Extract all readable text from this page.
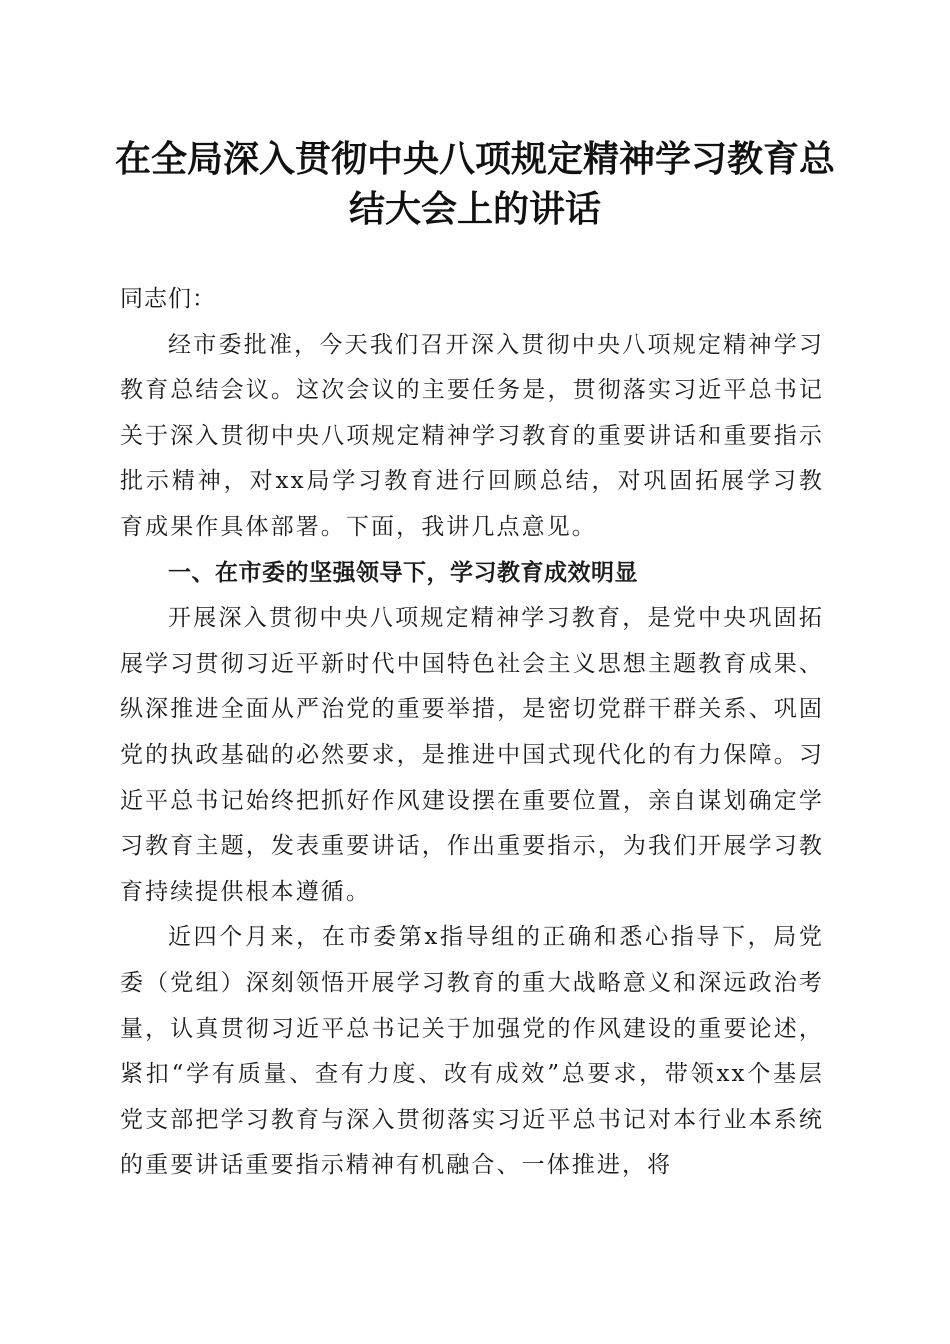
在全局深入贯彻中央八项规定精神学习教育总结大会上的讲话

同志们：

经市委批准，今天我们召开深入贯彻中央八项规定精神学习教育总结会议。这次会议的主要任务是，贯彻落实习近平总书记关于深入贯彻中央八项规定精神学习教育的重要讲话和重要指示批示精神，对xx局学习教育进行回顾总结，对巩固拓展学习教育成果作具体部署。下面，我讲几点意见。

一、在市委的坚强领导下，学习教育成效明显

开展深入贯彻中央八项规定精神学习教育，是党中央巩固拓展学习贯彻习近平新时代中国特色社会主义思想主题教育成果、纵深推进全面从严治党的重要举措，是密切党群干群关系、巩固党的执政基础的必然要求，是推进中国式现代化的有力保障。习近平总书记始终把抓好作风建设摆在重要位置，亲自谋划确定学习教育主题，发表重要讲话，作出重要指示，为我们开展学习教育持续提供根本遵循。

近四个月来，在市委第x指导组的正确和悉心指导下，局党委（党组）深刻领悟开展学习教育的重大战略意义和深远政治考量，认真贯彻习近平总书记关于加强党的作风建设的重要论述，紧扣“学有质量、查有力度、改有成效”总要求，带领xx个基层党支部把学习教育与深入贯彻落实习近平总书记对本行业本系统的重要讲话重要指示精神有机融合、一体推进，将
